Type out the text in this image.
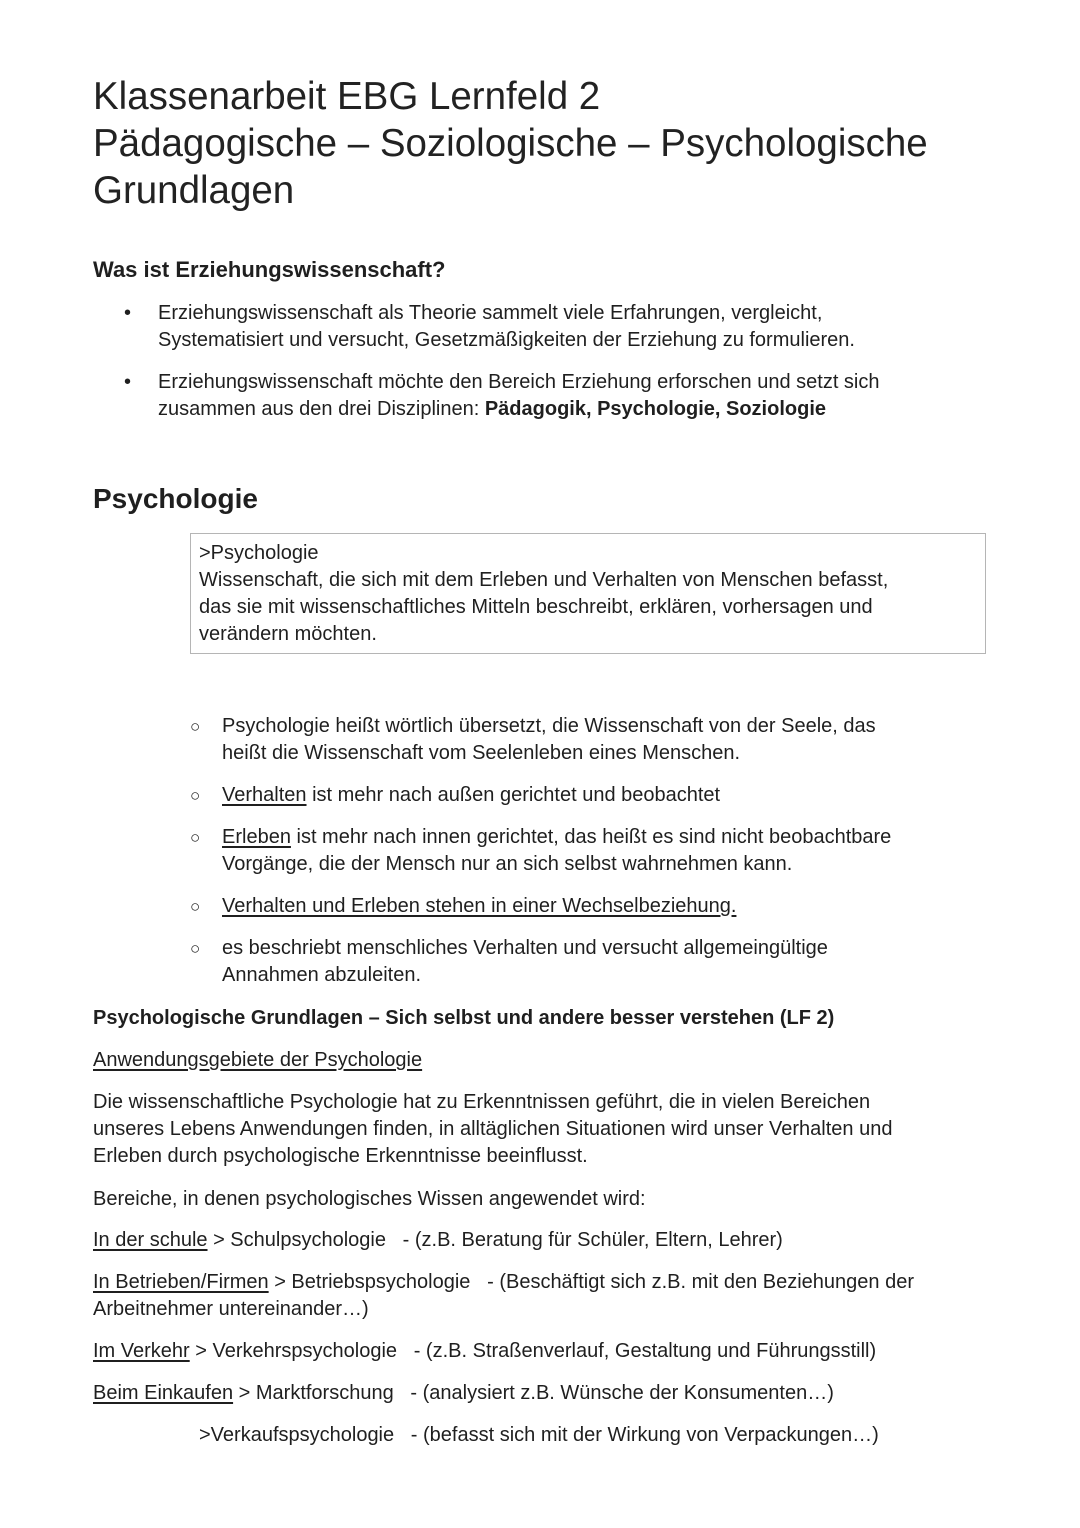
Klassenarbeit EBG Lernfeld 2
Pädagogische – Soziologische – Psychologische
Grundlagen
Was ist Erziehungswissenschaft?
• Erziehungswissenschaft als Theorie sammelt viele Erfahrungen, vergleicht,
Systematisiert und versucht, Gesetzmäßigkeiten der Erziehung zu formulieren.
• Erziehungswissenschaft möchte den Bereich Erziehung erforschen und setzt sich
zusammen aus den drei Disziplinen: Pädagogik, Psychologie, Soziologie
Psychologie
>Psychologie
Wissenschaft, die sich mit dem Erleben und Verhalten von Menschen befasst,
das sie mit wissenschaftliches Mitteln beschreibt, erklären, vorhersagen und
verändern möchten.
○ Psychologie heißt wörtlich übersetzt, die Wissenschaft von der Seele, das
heißt die Wissenschaft vom Seelenleben eines Menschen.
○ Verhalten ist mehr nach außen gerichtet und beobachtet
○ Erleben ist mehr nach innen gerichtet, das heißt es sind nicht beobachtbare
Vorgänge, die der Mensch nur an sich selbst wahrnehmen kann.
○ Verhalten und Erleben stehen in einer Wechselbeziehung.
○ es beschriebt menschliches Verhalten und versucht allgemeingültige
Annahmen abzuleiten.
Psychologische Grundlagen – Sich selbst und andere besser verstehen (LF 2)
Anwendungsgebiete der Psychologie
Die wissenschaftliche Psychologie hat zu Erkenntnissen geführt, die in vielen Bereichen
unseres Lebens Anwendungen finden, in alltäglichen Situationen wird unser Verhalten und
Erleben durch psychologische Erkenntnisse beeinflusst.
Bereiche, in denen psychologisches Wissen angewendet wird:
In der schule > Schulpsychologie   - (z.B. Beratung für Schüler, Eltern, Lehrer)
In Betrieben/Firmen > Betriebspsychologie   - (Beschäftigt sich z.B. mit den Beziehungen der
Arbeitnehmer untereinander…)
Im Verkehr > Verkehrspsychologie   - (z.B. Straßenverlauf, Gestaltung und Führungsstill)
Beim Einkaufen > Marktforschung   - (analysiert z.B. Wünsche der Konsumenten…)
>Verkaufspsychologie   - (befasst sich mit der Wirkung von Verpackungen…)
